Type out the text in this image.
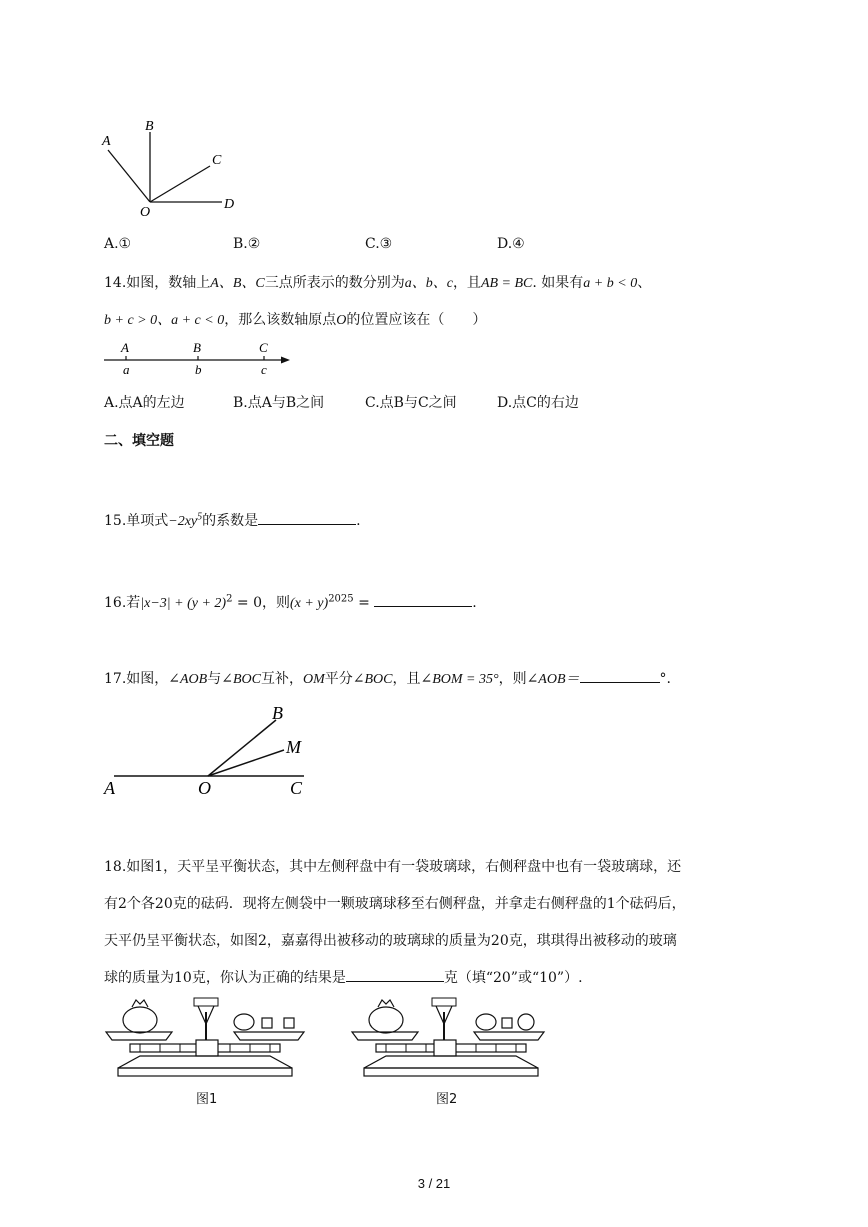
A
B
C
D
O
A.①	B.②	C.③	D.④
14.如图，数轴上A、B、C三点所表示的数分别为a、b、c，且AB = BC. 如果有a + b < 0、
b + c > 0、a + c < 0，那么该数轴原点O的位置应该在（　　）
A	B	C
a	b	c
A.点A的左边	B.点A与B之间	C.点B与C之间	D.点C的右边
二、填空题
15.单项式$-2xy^5$的系数是	.
16.若$|x-3| + (y + 2)^2 = 0$，则$(x + y)^{2025}$ =	.
17.如图，∠AOB与∠BOC互补，OM平分∠BOC，且∠BOM = 35°，则∠AOB＝	°.
A	O	C
B
M
18.如图1，天平呈平衡状态，其中左侧秤盘中有一袋玻璃球，右侧秤盘中也有一袋玻璃球，还
有2个各20克的砝码．现将左侧袋中一颗玻璃球移至右侧秤盘，并拿走右侧秤盘的1个砝码后，
天平仍呈平衡状态，如图2，嘉嘉得出被移动的玻璃球的质量为20克，琪琪得出被移动的玻璃
球的质量为10克，你认为正确的结果是	克（填“20”或“10”）.
图1	图2
3 / 21
